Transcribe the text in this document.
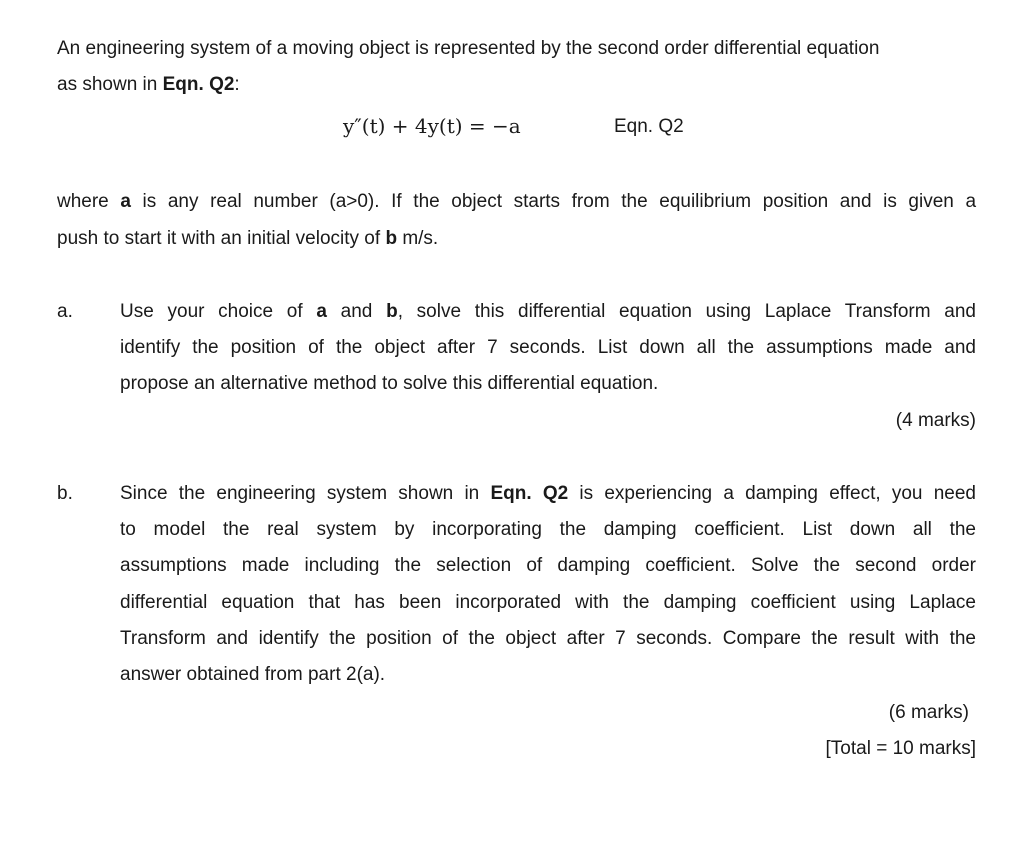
An engineering system of a moving object is represented by the second order differential equation
as shown in Eqn. Q2:
y″(t) + 4y(t) = −a	Eqn. Q2
where a is any real number (a>0). If the object starts from the equilibrium position and is given a
push to start it with an initial velocity of b m/s.
a. Use your choice of a and b, solve this differential equation using Laplace Transform and
identify the position of the object after 7 seconds. List down all the assumptions made and
propose an alternative method to solve this differential equation.
(4 marks)
b. Since the engineering system shown in Eqn. Q2 is experiencing a damping effect, you need
to model the real system by incorporating the damping coefficient. List down all the
assumptions made including the selection of damping coefficient. Solve the second order
differential equation that has been incorporated with the damping coefficient using Laplace
Transform and identify the position of the object after 7 seconds. Compare the result with the
answer obtained from part 2(a).
(6 marks)
[Total = 10 marks]
